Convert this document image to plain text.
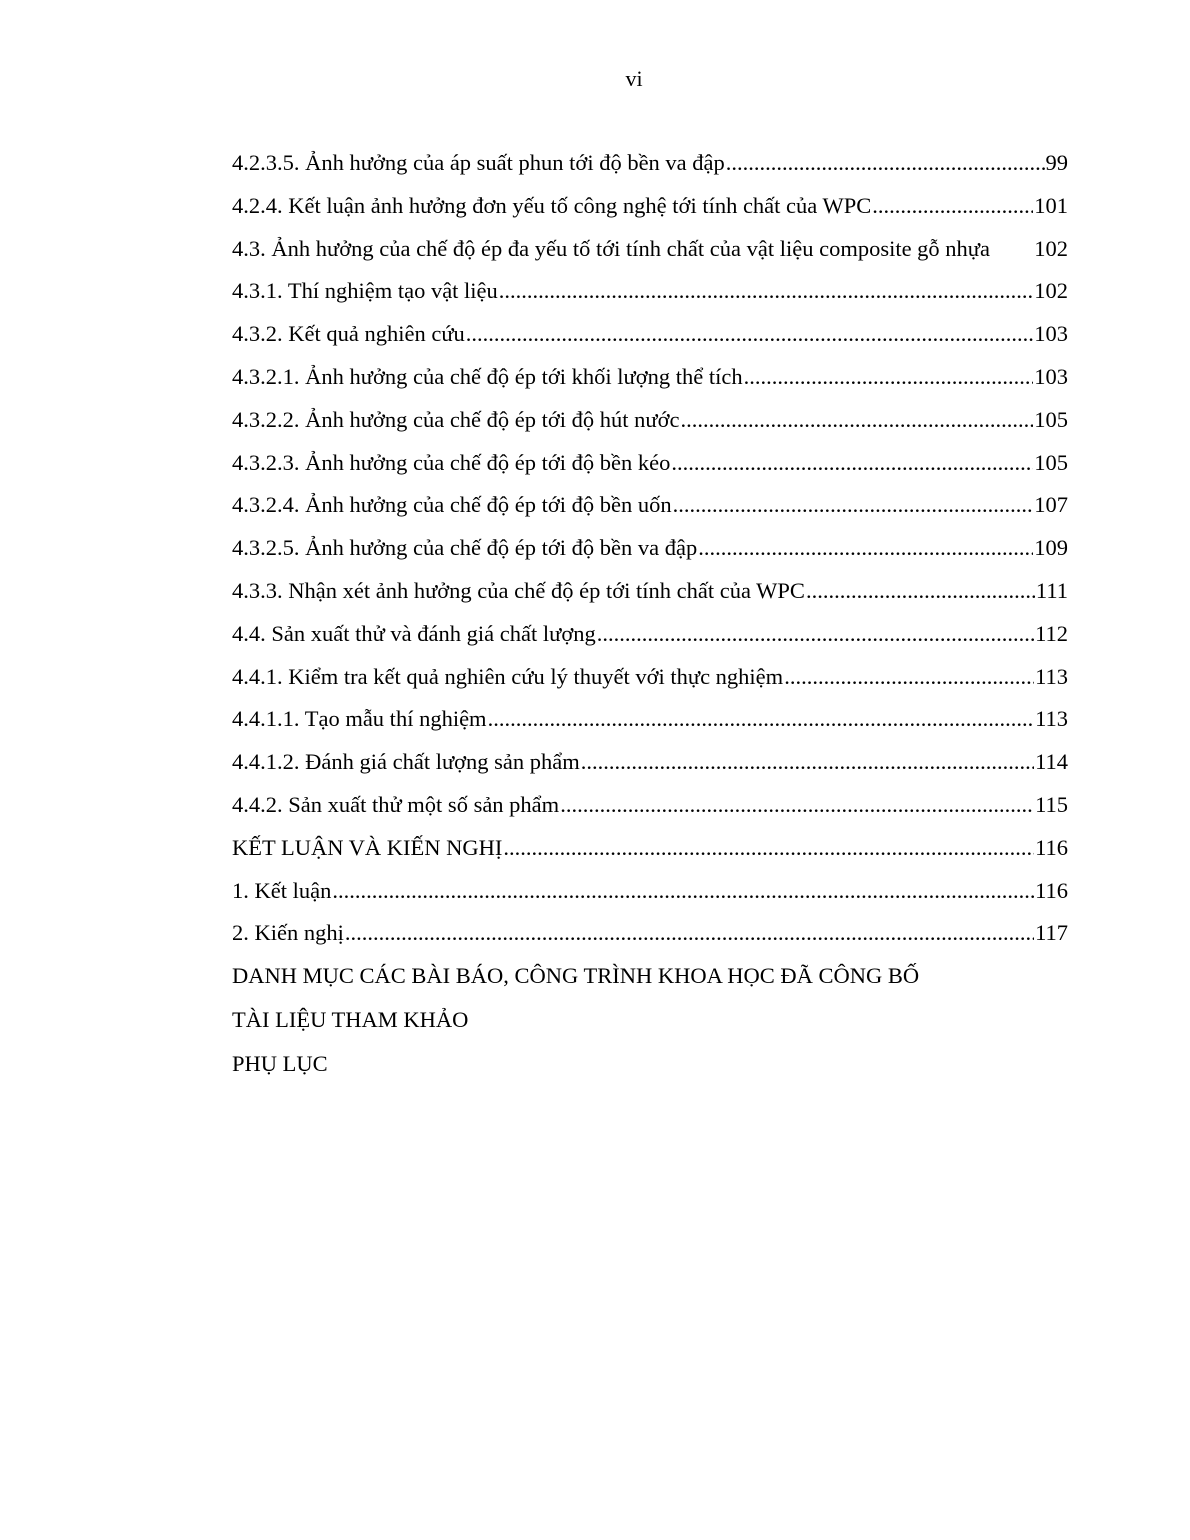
vi
4.2.3.5. Ảnh hưởng của áp suất phun tới độ bền va đập .....	99
4.2.4. Kết luận ảnh hưởng đơn yếu tố công nghệ tới tính chất của WPC .....	101
4.3. Ảnh hưởng của chế độ ép đa yếu tố tới tính chất của vật liệu composite gỗ nhựa 102
4.3.1. Thí nghiệm tạo vật liệu .....	102
4.3.2. Kết quả nghiên cứu .....	103
4.3.2.1. Ảnh hưởng của chế độ ép tới khối lượng thể tích .....	103
4.3.2.2. Ảnh hưởng của chế độ ép tới độ hút nước .....	105
4.3.2.3. Ảnh hưởng của chế độ ép tới độ bền kéo .....	105
4.3.2.4. Ảnh hưởng của chế độ ép tới độ bền uốn .....	107
4.3.2.5. Ảnh hưởng của chế độ ép tới độ bền va đập .....	109
4.3.3. Nhận xét ảnh hưởng của chế độ ép tới tính chất của WPC .....	111
4.4. Sản xuất thử và đánh giá chất lượng .....	112
4.4.1. Kiểm tra kết quả nghiên cứu lý thuyết với thực nghiệm .....	113
4.4.1.1. Tạo mẫu thí nghiệm .....	113
4.4.1.2. Đánh giá chất lượng sản phẩm .....	114
4.4.2. Sản xuất thử một số sản phẩm .....	115
KẾT LUẬN VÀ KIẾN NGHỊ .....	116
1. Kết luận .....	116
2. Kiến nghị .....	117
DANH MỤC CÁC BÀI BÁO, CÔNG TRÌNH KHOA HỌC ĐÃ CÔNG BỐ
TÀI LIỆU THAM KHẢO
PHỤ LỤC
